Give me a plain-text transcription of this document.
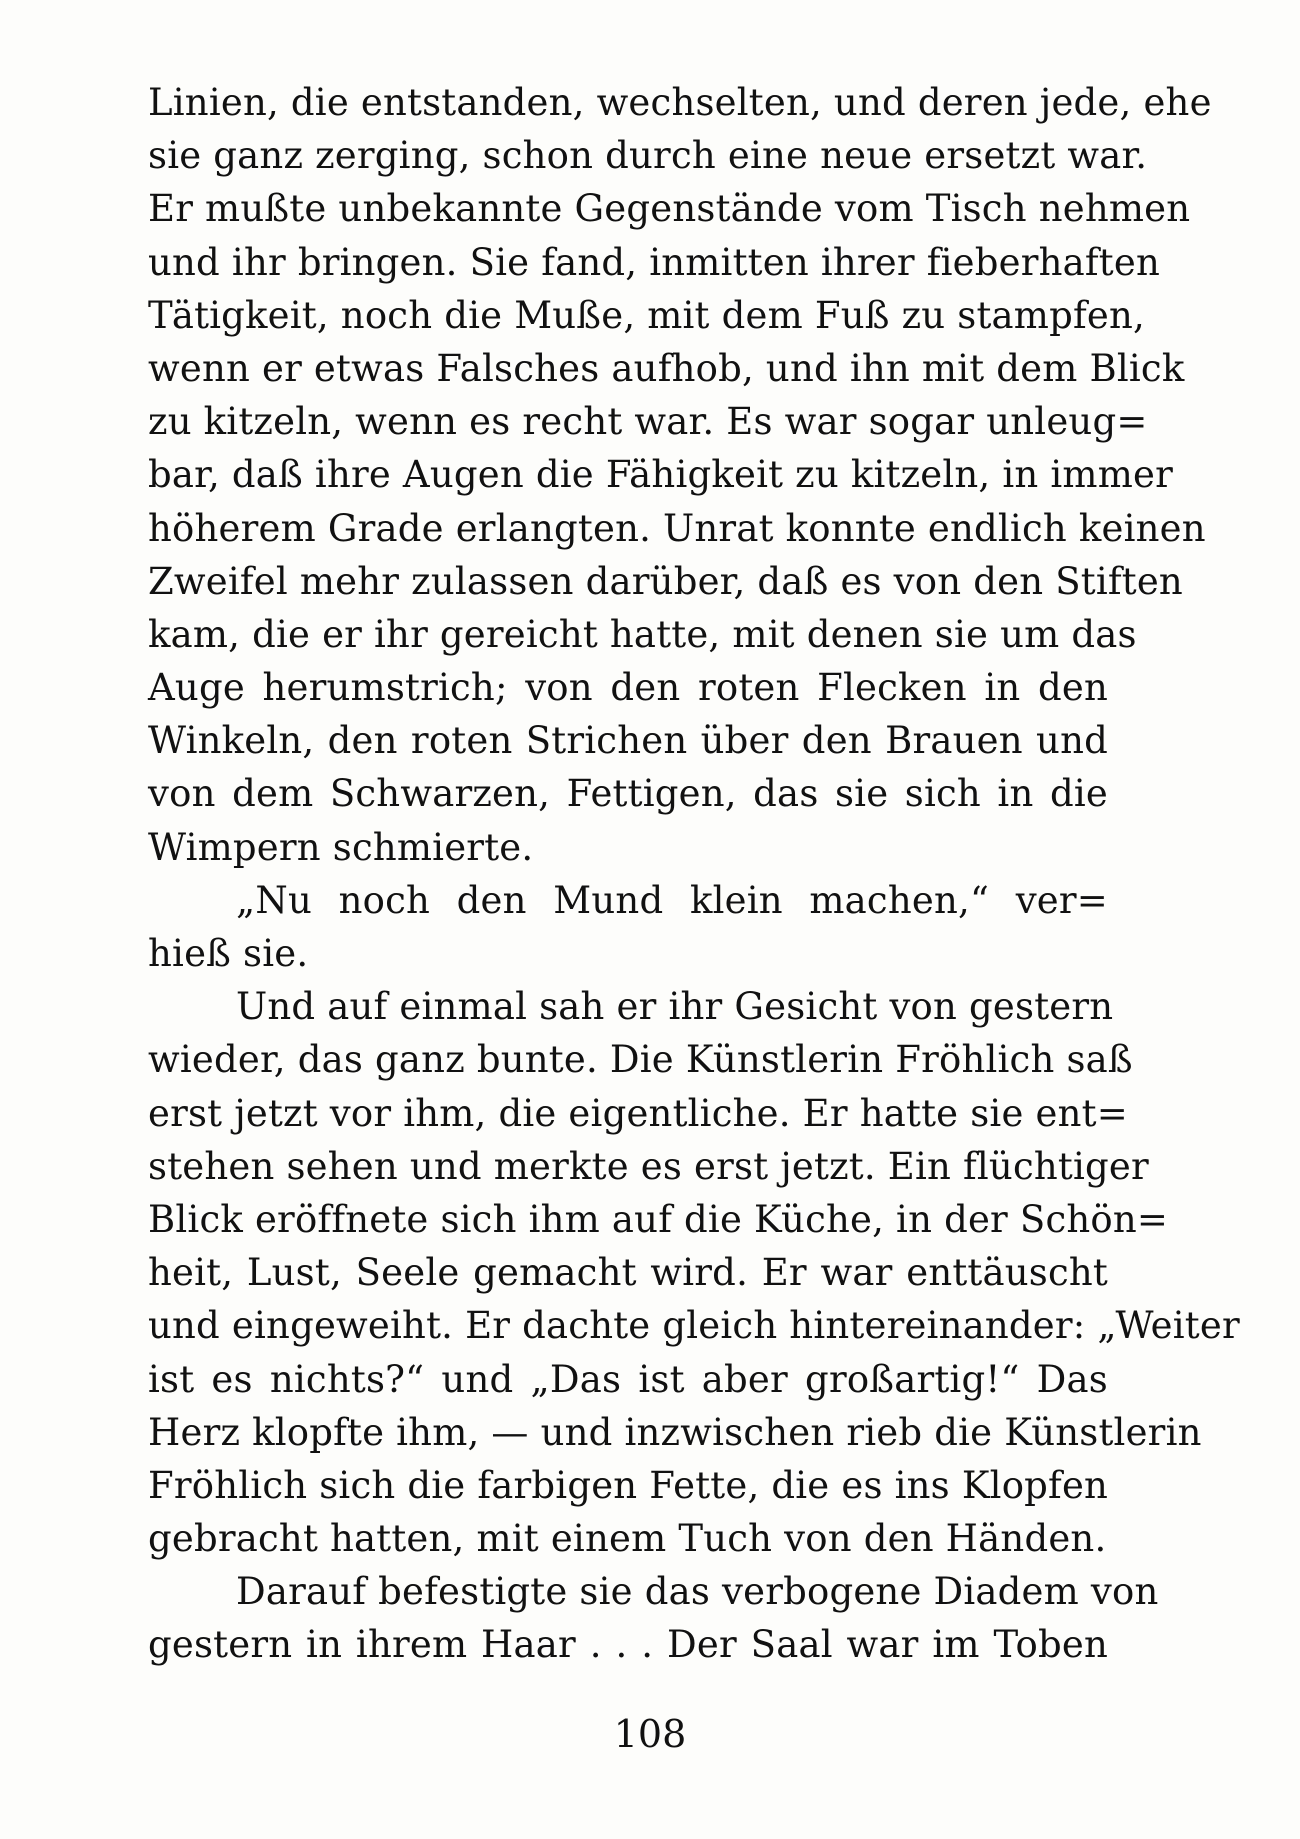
Linien, die entstanden, wechselten, und deren jede, ehe
sie ganz zerging, schon durch eine neue ersetzt war.
Er mußte unbekannte Gegenstände vom Tisch nehmen
und ihr bringen. Sie fand, inmitten ihrer fieberhaften
Tätigkeit, noch die Muße, mit dem Fuß zu stampfen,
wenn er etwas Falsches aufhob, und ihn mit dem Blick
zu kitzeln, wenn es recht war. Es war sogar unleug=
bar, daß ihre Augen die Fähigkeit zu kitzeln, in immer
höherem Grade erlangten. Unrat konnte endlich keinen
Zweifel mehr zulassen darüber, daß es von den Stiften
kam, die er ihr gereicht hatte, mit denen sie um das
Auge herumstrich; von den roten Flecken in den
Winkeln, den roten Strichen über den Brauen und
von dem Schwarzen, Fettigen, das sie sich in die
Wimpern schmierte.
„Nu noch den Mund klein machen,“ ver=
hieß sie.
Und auf einmal sah er ihr Gesicht von gestern
wieder, das ganz bunte. Die Künstlerin Fröhlich saß
erst jetzt vor ihm, die eigentliche. Er hatte sie ent=
stehen sehen und merkte es erst jetzt. Ein flüchtiger
Blick eröffnete sich ihm auf die Küche, in der Schön=
heit, Lust, Seele gemacht wird. Er war enttäuscht
und eingeweiht. Er dachte gleich hintereinander: „Weiter
ist es nichts?“ und „Das ist aber großartig!“ Das
Herz klopfte ihm, — und inzwischen rieb die Künstlerin
Fröhlich sich die farbigen Fette, die es ins Klopfen
gebracht hatten, mit einem Tuch von den Händen.
Darauf befestigte sie das verbogene Diadem von
gestern in ihrem Haar . . . Der Saal war im Toben
108
